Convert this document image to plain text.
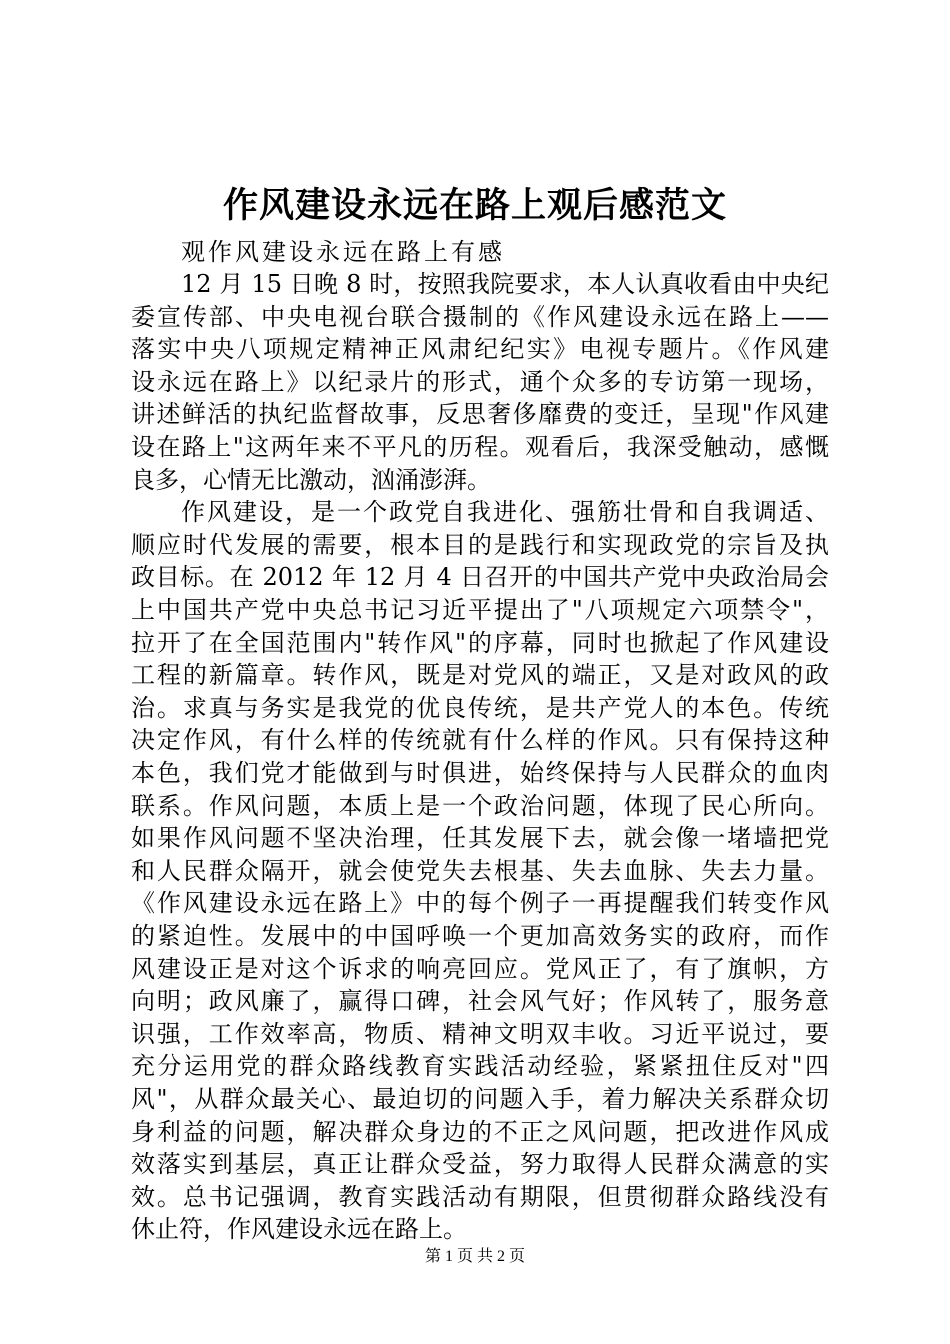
作风建设永远在路上观后感范文
观作风建设永远在路上有感
12 月 15 日晚 8 时，按照我院要求，本人认真收看由中央纪
委宣传部、中央电视台联合摄制的《作风建设永远在路上——
落实中央八项规定精神正风肃纪纪实》电视专题片。《作风建
设永远在路上》以纪录片的形式，通个众多的专访第一现场，
讲述鲜活的执纪监督故事，反思奢侈靡费的变迁，呈现"作风建
设在路上"这两年来不平凡的历程。观看后，我深受触动，感慨
良多，心情无比激动，汹涌澎湃。
作风建设，是一个政党自我进化、强筋壮骨和自我调适、
顺应时代发展的需要，根本目的是践行和实现政党的宗旨及执
政目标。在 2012 年 12 月 4 日召开的中国共产党中央政治局会
上中国共产党中央总书记习近平提出了"八项规定六项禁令"，
拉开了在全国范围内"转作风"的序幕，同时也掀起了作风建设
工程的新篇章。转作风，既是对党风的端正，又是对政风的政
治。求真与务实是我党的优良传统，是共产党人的本色。传统
决定作风，有什么样的传统就有什么样的作风。只有保持这种
本色，我们党才能做到与时俱进，始终保持与人民群众的血肉
联系。作风问题，本质上是一个政治问题，体现了民心所向。
如果作风问题不坚决治理，任其发展下去，就会像一堵墙把党
和人民群众隔开，就会使党失去根基、失去血脉、失去力量。
《作风建设永远在路上》中的每个例子一再提醒我们转变作风
的紧迫性。发展中的中国呼唤一个更加高效务实的政府，而作
风建设正是对这个诉求的响亮回应。党风正了，有了旗帜，方
向明；政风廉了，赢得口碑，社会风气好；作风转了，服务意
识强，工作效率高，物质、精神文明双丰收。习近平说过，要
充分运用党的群众路线教育实践活动经验，紧紧扭住反对"四
风"，从群众最关心、最迫切的问题入手，着力解决关系群众切
身利益的问题，解决群众身边的不正之风问题，把改进作风成
效落实到基层，真正让群众受益，努力取得人民群众满意的实
效。总书记强调，教育实践活动有期限，但贯彻群众路线没有
休止符，作风建设永远在路上。
第 1 页 共 2 页
